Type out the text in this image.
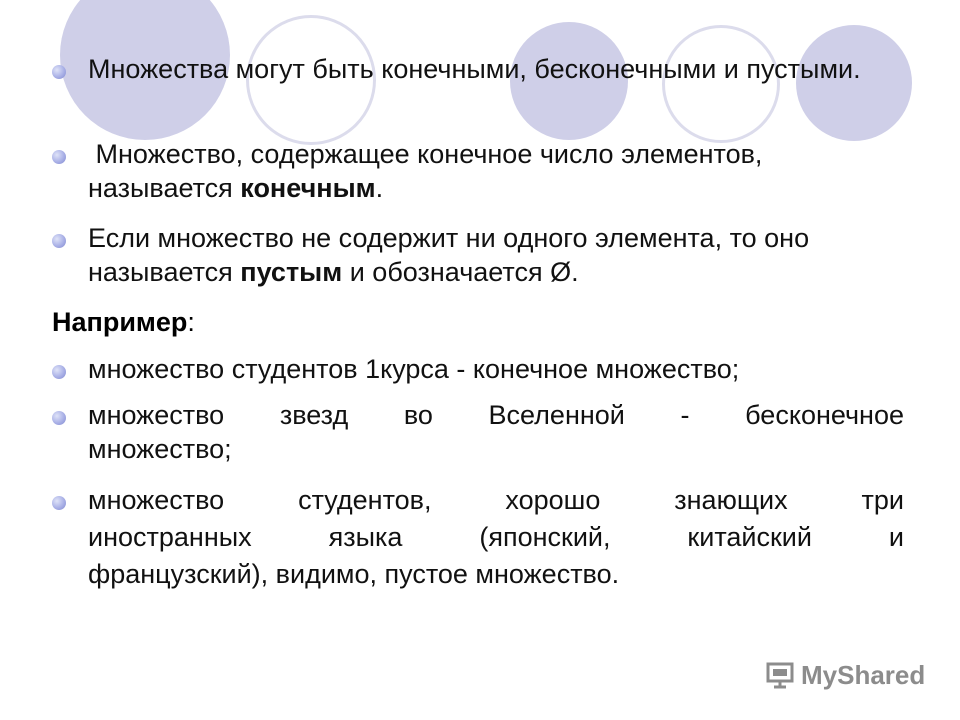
Множества могут быть конечными, бесконечными и пустыми.
Множество, содержащее конечное число элементов, называется конечным.
Если множество не содержит ни одного элемента, то оно называется пустым и обозначается Ø.
Например:
множество студентов 1курса - конечное множество;
множество звезд во Вселенной - бесконечное
множество;
множество студентов, хорошо знающих три
иностранных языка (японский, китайский и
французский), видимо, пустое множество.
MyShared
